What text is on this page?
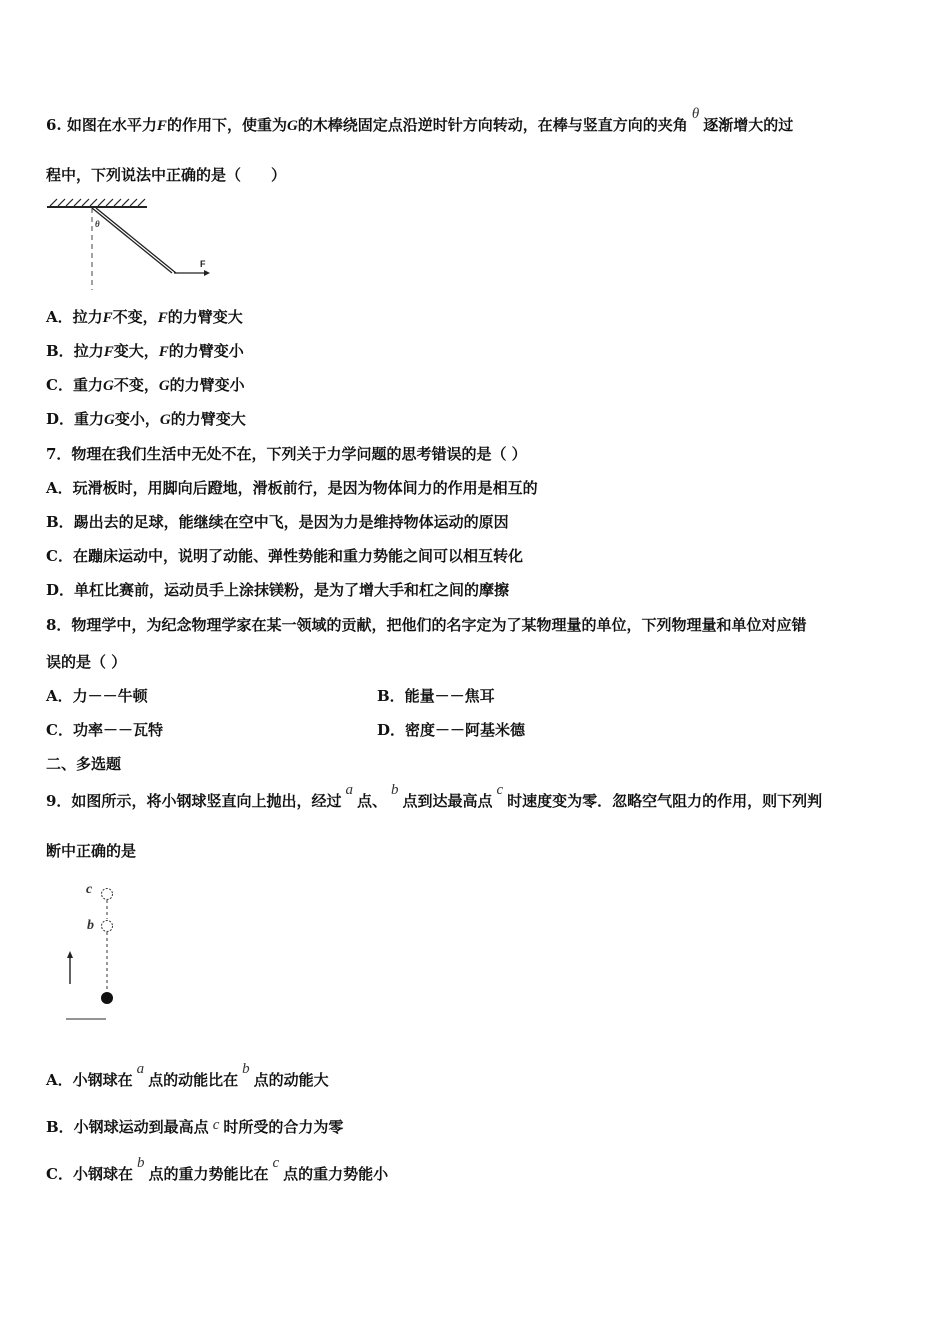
6. 如图在水平力F的作用下，使重为G的木棒绕固定点沿逆时针方向转动，在棒与竖直方向的夹角θ逐渐增大的过
程中，下列说法中正确的是（　　）
θ
F
A．拉力F不变，F的力臂变大
B．拉力F变大，F的力臂变小
C．重力G不变，G的力臂变小
D．重力G变小，G的力臂变大
7．物理在我们生活中无处不在，下列关于力学问题的思考错误的是（ ）
A．玩滑板时，用脚向后蹬地，滑板前行，是因为物体间力的作用是相互的
B．踢出去的足球，能继续在空中飞，是因为力是维持物体运动的原因
C．在蹦床运动中，说明了动能、弹性势能和重力势能之间可以相互转化
D．单杠比赛前，运动员手上涂抹镁粉，是为了增大手和杠之间的摩擦
8．物理学中，为纪念物理学家在某一领域的贡献，把他们的名字定为了某物理量的单位，下列物理量和单位对应错
误的是（ ）
A．力－－牛顿	B．能量－－焦耳
C．功率－－瓦特	D．密度－－阿基米德
二、多选题
9．如图所示，将小钢球竖直向上抛出，经过a点、b点到达最高点c时速度变为零．忽略空气阻力的作用，则下列判
断中正确的是
c
b
A．小钢球在a点的动能比在b点的动能大
B．小钢球运动到最高点 c 时所受的合力为零
C．小钢球在b点的重力势能比在c点的重力势能小
